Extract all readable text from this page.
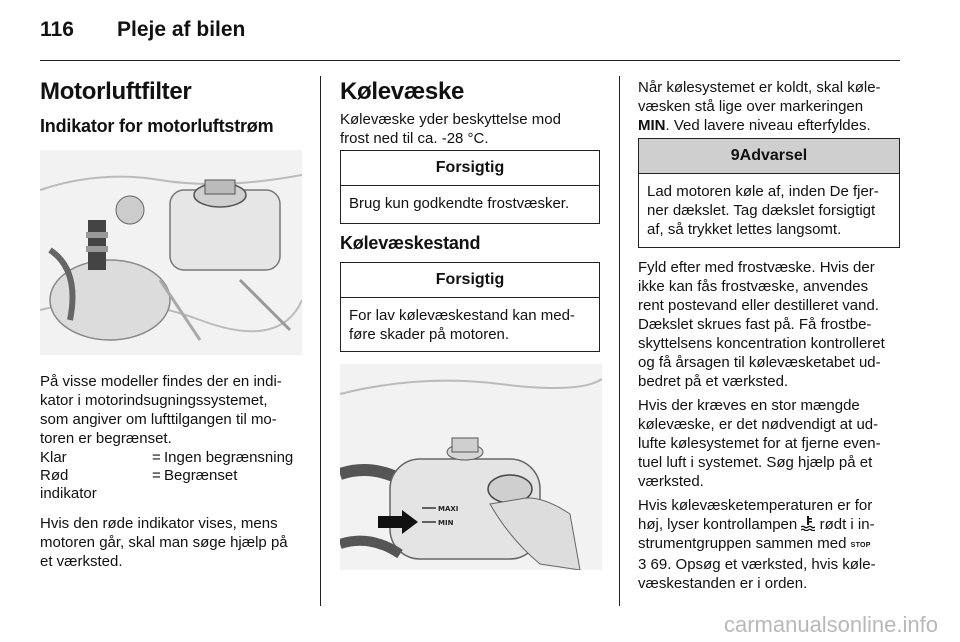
116 Pleje af bilen
Motorluftfilter
Indikator for motorluftstrøm

På visse modeller findes der en indi-

kator i motorindsugningssystemet,

som angiver om lufttilgangen til mo-

toren er begrænset.

Klar	= Ingen begrænsning
Rød	= Begrænset
indikator

Hvis den røde indikator vises, mens

motoren går, skal man søge hjælp på

et værksted.

Kølevæske

Kølevæske yder beskyttelse mod

frost ned til ca. -28 °C.

Forsigtig
Brug kun godkendte frostvæsker.
Kølevæskestand
Forsigtig
For lav kølevæskestand kan med-
føre skader på motoren.
MAXI
MIN

Når kølesystemet er koldt, skal køle-

væsken stå lige over markeringen

MIN. Ved lavere niveau efterfyldes.

9Advarsel
Lad motoren køle af, inden De fjer-
ner dækslet. Tag dækslet forsigtigt
af, så trykket lettes langsomt.

Fyld efter med frostvæske. Hvis der

ikke kan fås frostvæske, anvendes

rent postevand eller destilleret vand.

Dækslet skrues fast på. Få frostbe-

skyttelsens koncentration kontrolleret

og få årsagen til kølevæsketabet ud-

bedret på et værksted.

Hvis der kræves en stor mængde

kølevæske, er det nødvendigt at ud-

lufte kølesystemet for at fjerne even-

tuel luft i systemet. Søg hjælp på et

værksted.

Hvis kølevæsketemperaturen er for

høj, lyser kontrollampen  rødt i in-

strumentgruppen sammen med STOP

3 69. Opsøg et værksted, hvis køle-

væskestanden er i orden.

carmanualsonline.info
